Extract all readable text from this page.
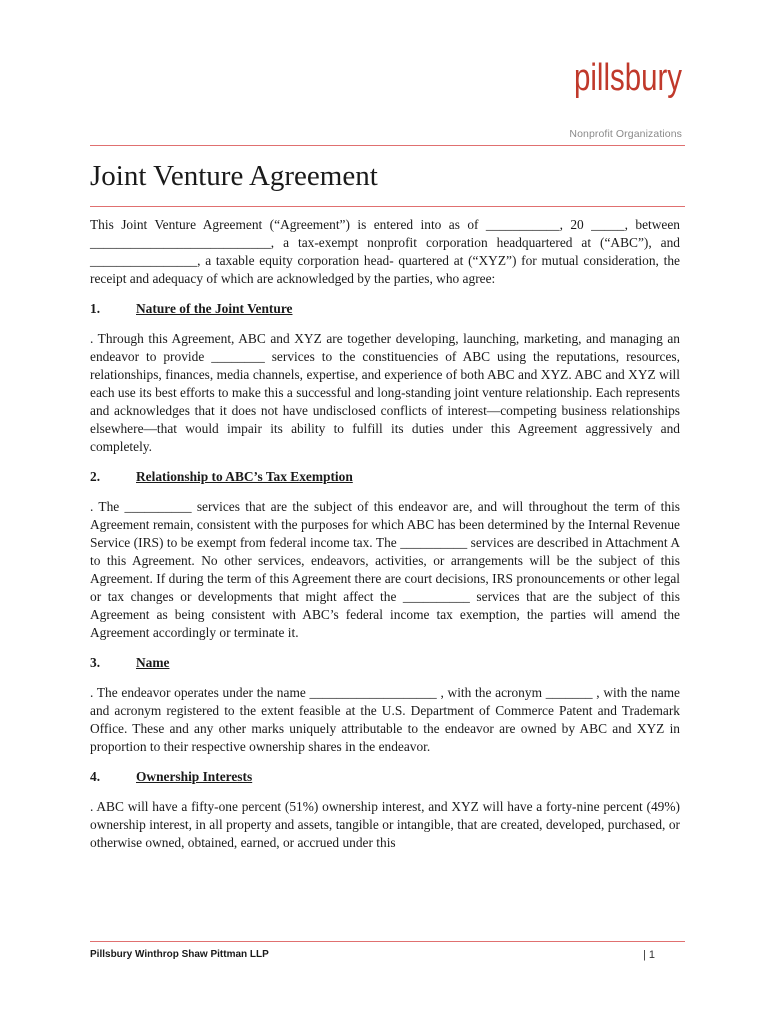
pillsbury
Nonprofit Organizations
Joint Venture Agreement

This Joint Venture Agreement (“Agreement”) is entered into as of ___________, 20 _____, between ___________________________, a tax-exempt nonprofit corporation headquartered at (“ABC”), and ________________, a taxable equity corporation head- quartered at (“XYZ”) for mutual consideration, the receipt and adequacy of which are acknowledged by the parties, who agree:

1.	Nature of the Joint Venture

. Through this Agreement, ABC and XYZ are together developing, launching, marketing, and managing an endeavor to provide ________ services to the constituencies of ABC using the reputations, resources, relationships, finances, media channels, expertise, and experience of both ABC and XYZ. ABC and XYZ will each use its best efforts to make this a successful and long-standing joint venture relationship. Each represents and acknowledges that it does not have undisclosed conflicts of interest—competing business relationships elsewhere—that would impair its ability to fulfill its duties under this Agreement aggressively and completely.

2.	Relationship to ABC’s Tax Exemption

. The __________ services that are the subject of this endeavor are, and will throughout the term of this Agreement remain, consistent with the purposes for which ABC has been determined by the Internal Revenue Service (IRS) to be exempt from federal income tax. The __________ services are described in Attachment A to this Agreement. No other services, endeavors, activities, or arrangements will be the subject of this Agreement. If during the term of this Agreement there are court decisions, IRS pronouncements or other legal or tax changes or developments that might affect the __________ services that are the subject of this Agreement as being consistent with ABC’s federal income tax exemption, the parties will amend the Agreement accordingly or terminate it.

3.	Name

. The endeavor operates under the name ___________________ , with the acronym _______ , with the name and acronym registered to the extent feasible at the U.S. Department of Commerce Patent and Trademark Office. These and any other marks uniquely attributable to the endeavor are owned by ABC and XYZ in proportion to their respective ownership shares in the endeavor.

4.	Ownership Interests

. ABC will have a fifty-one percent (51%) ownership interest, and XYZ will have a forty-nine percent (49%) ownership interest, in all property and assets, tangible or intangible, that are created, developed, purchased, or otherwise owned, obtained, earned, or accrued under this

Pillsbury Winthrop Shaw Pittman LLP	| 1
